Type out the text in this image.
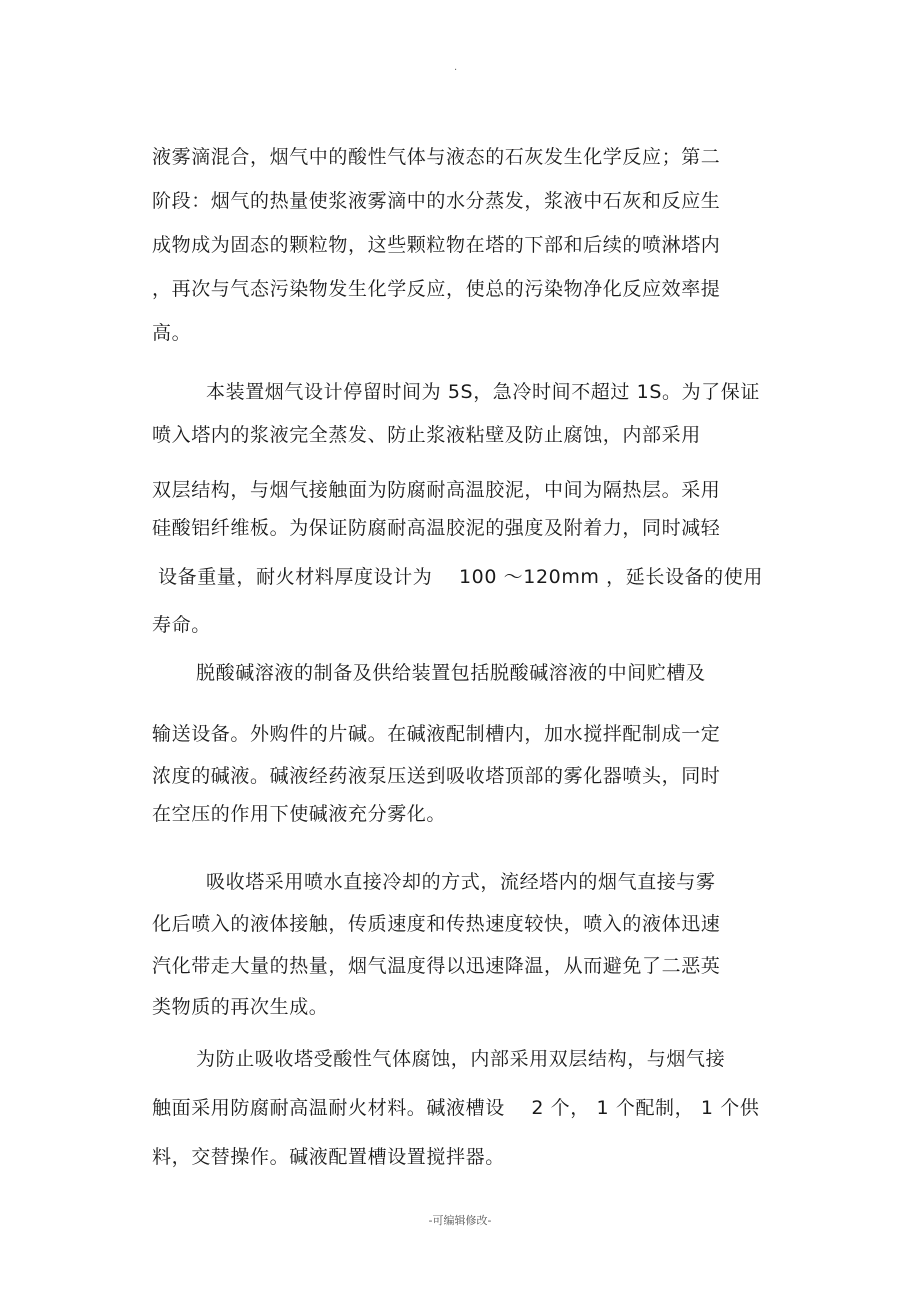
.
液雾滴混合，烟气中的酸性气体与液态的石灰发生化学反应；第二
阶段：烟气的热量使浆液雾滴中的水分蒸发，浆液中石灰和反应生
成物成为固态的颗粒物，这些颗粒物在塔的下部和后续的喷淋塔内
，再次与气态污染物发生化学反应，使总的污染物净化反应效率提
高。
本装置烟气设计停留时间为 5S，急冷时间不超过 1S。为了保证
喷入塔内的浆液完全蒸发、防止浆液粘壁及防止腐蚀，内部采用
双层结构，与烟气接触面为防腐耐高温胶泥，中间为隔热层。采用
硅酸铝纤维板。为保证防腐耐高温胶泥的强度及附着力，同时减轻
设备重量，耐火材料厚度设计为    100 ～120mm ，延长设备的使用
寿命。
脱酸碱溶液的制备及供给装置包括脱酸碱溶液的中间贮槽及
输送设备。外购件的片碱。在碱液配制槽内，加水搅拌配制成一定
浓度的碱液。碱液经药液泵压送到吸收塔顶部的雾化器喷头，同时
在空压的作用下使碱液充分雾化。
吸收塔采用喷水直接冷却的方式，流经塔内的烟气直接与雾
化后喷入的液体接触，传质速度和传热速度较快，喷入的液体迅速
汽化带走大量的热量，烟气温度得以迅速降温，从而避免了二恶英
类物质的再次生成。
为防止吸收塔受酸性气体腐蚀，内部采用双层结构，与烟气接
触面采用防腐耐高温耐火材料。碱液槽设    2 个， 1 个配制， 1 个供
料，交替操作。碱液配置槽设置搅拌器。
-可编辑修改-
